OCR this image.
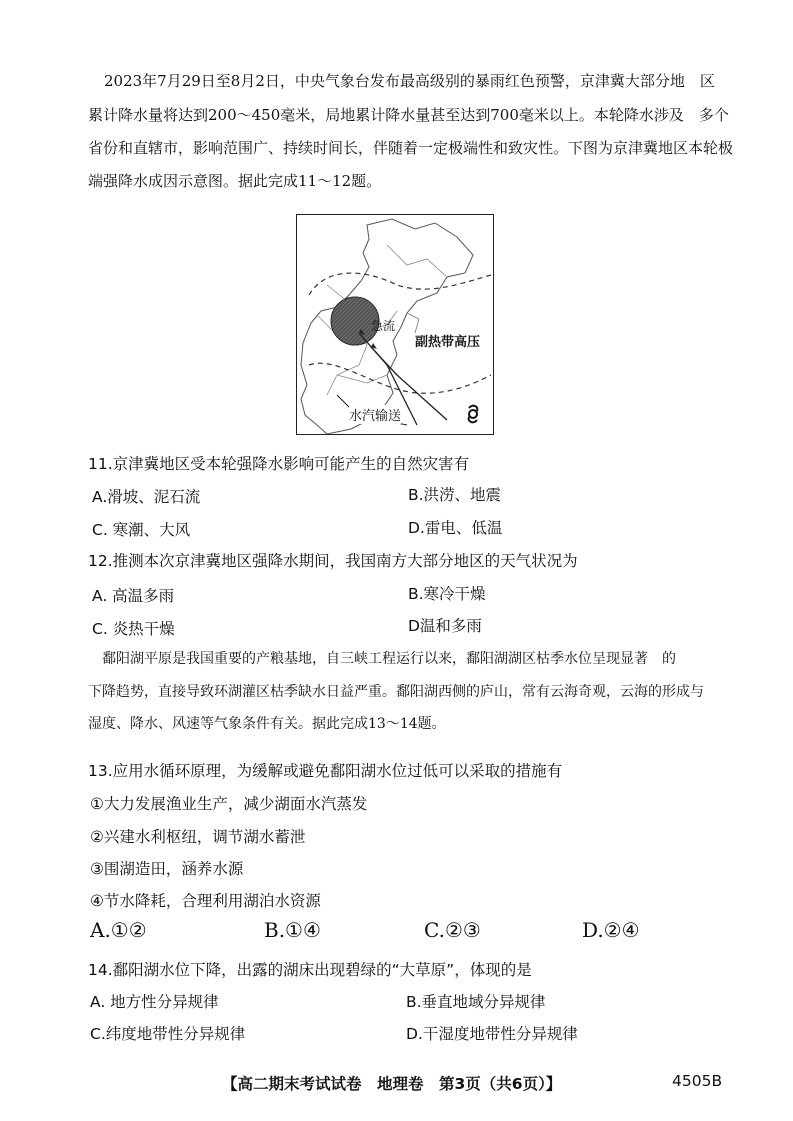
2023年7月29日至8月2日，中央气象台发布最高级别的暴雨红色预警，京津冀大部分地　区
累计降水量将达到200～450毫米，局地累计降水量甚至达到700毫米以上。本轮降水涉及　多个
省份和直辖市，影响范围广、持续时间长，伴随着一定极端性和致灾性。下图为京津冀地区本轮极
端强降水成因示意图。据此完成11～12题。
急流
副热带高压
水汽输送
11.京津冀地区受本轮强降水影响可能产生的自然灾害有
A.滑坡、泥石流	B.洪涝、地震
C. 寒潮、大风	D.雷电、低温
12.推测本次京津冀地区强降水期间，我国南方大部分地区的天气状况为
A. 高温多雨	B.寒冷干燥
C. 炎热干燥	D温和多雨
鄱阳湖平原是我国重要的产粮基地，自三峡工程运行以来，鄱阳湖湖区枯季水位呈现显著　的
下降趋势，直接导致环湖灌区枯季缺水日益严重。鄱阳湖西侧的庐山，常有云海奇观，云海的形成与
湿度、降水、风速等气象条件有关。据此完成13～14题。
13.应用水循环原理，为缓解或避免鄱阳湖水位过低可以采取的措施有
①大力发展渔业生产，减少湖面水汽蒸发
②兴建水利枢纽，调节湖水蓄泄
③围湖造田，涵养水源
④节水降耗，合理利用湖泊水资源
A.①②	B.①④	C.②③	D.②④
14.鄱阳湖水位下降，出露的湖床出现碧绿的“大草原”，体现的是
A. 地方性分异规律	B.垂直地域分异规律
C.纬度地带性分异规律	D.干湿度地带性分异规律
【高二期末考试试卷　地理卷　第3页（共6页）】	4505B
